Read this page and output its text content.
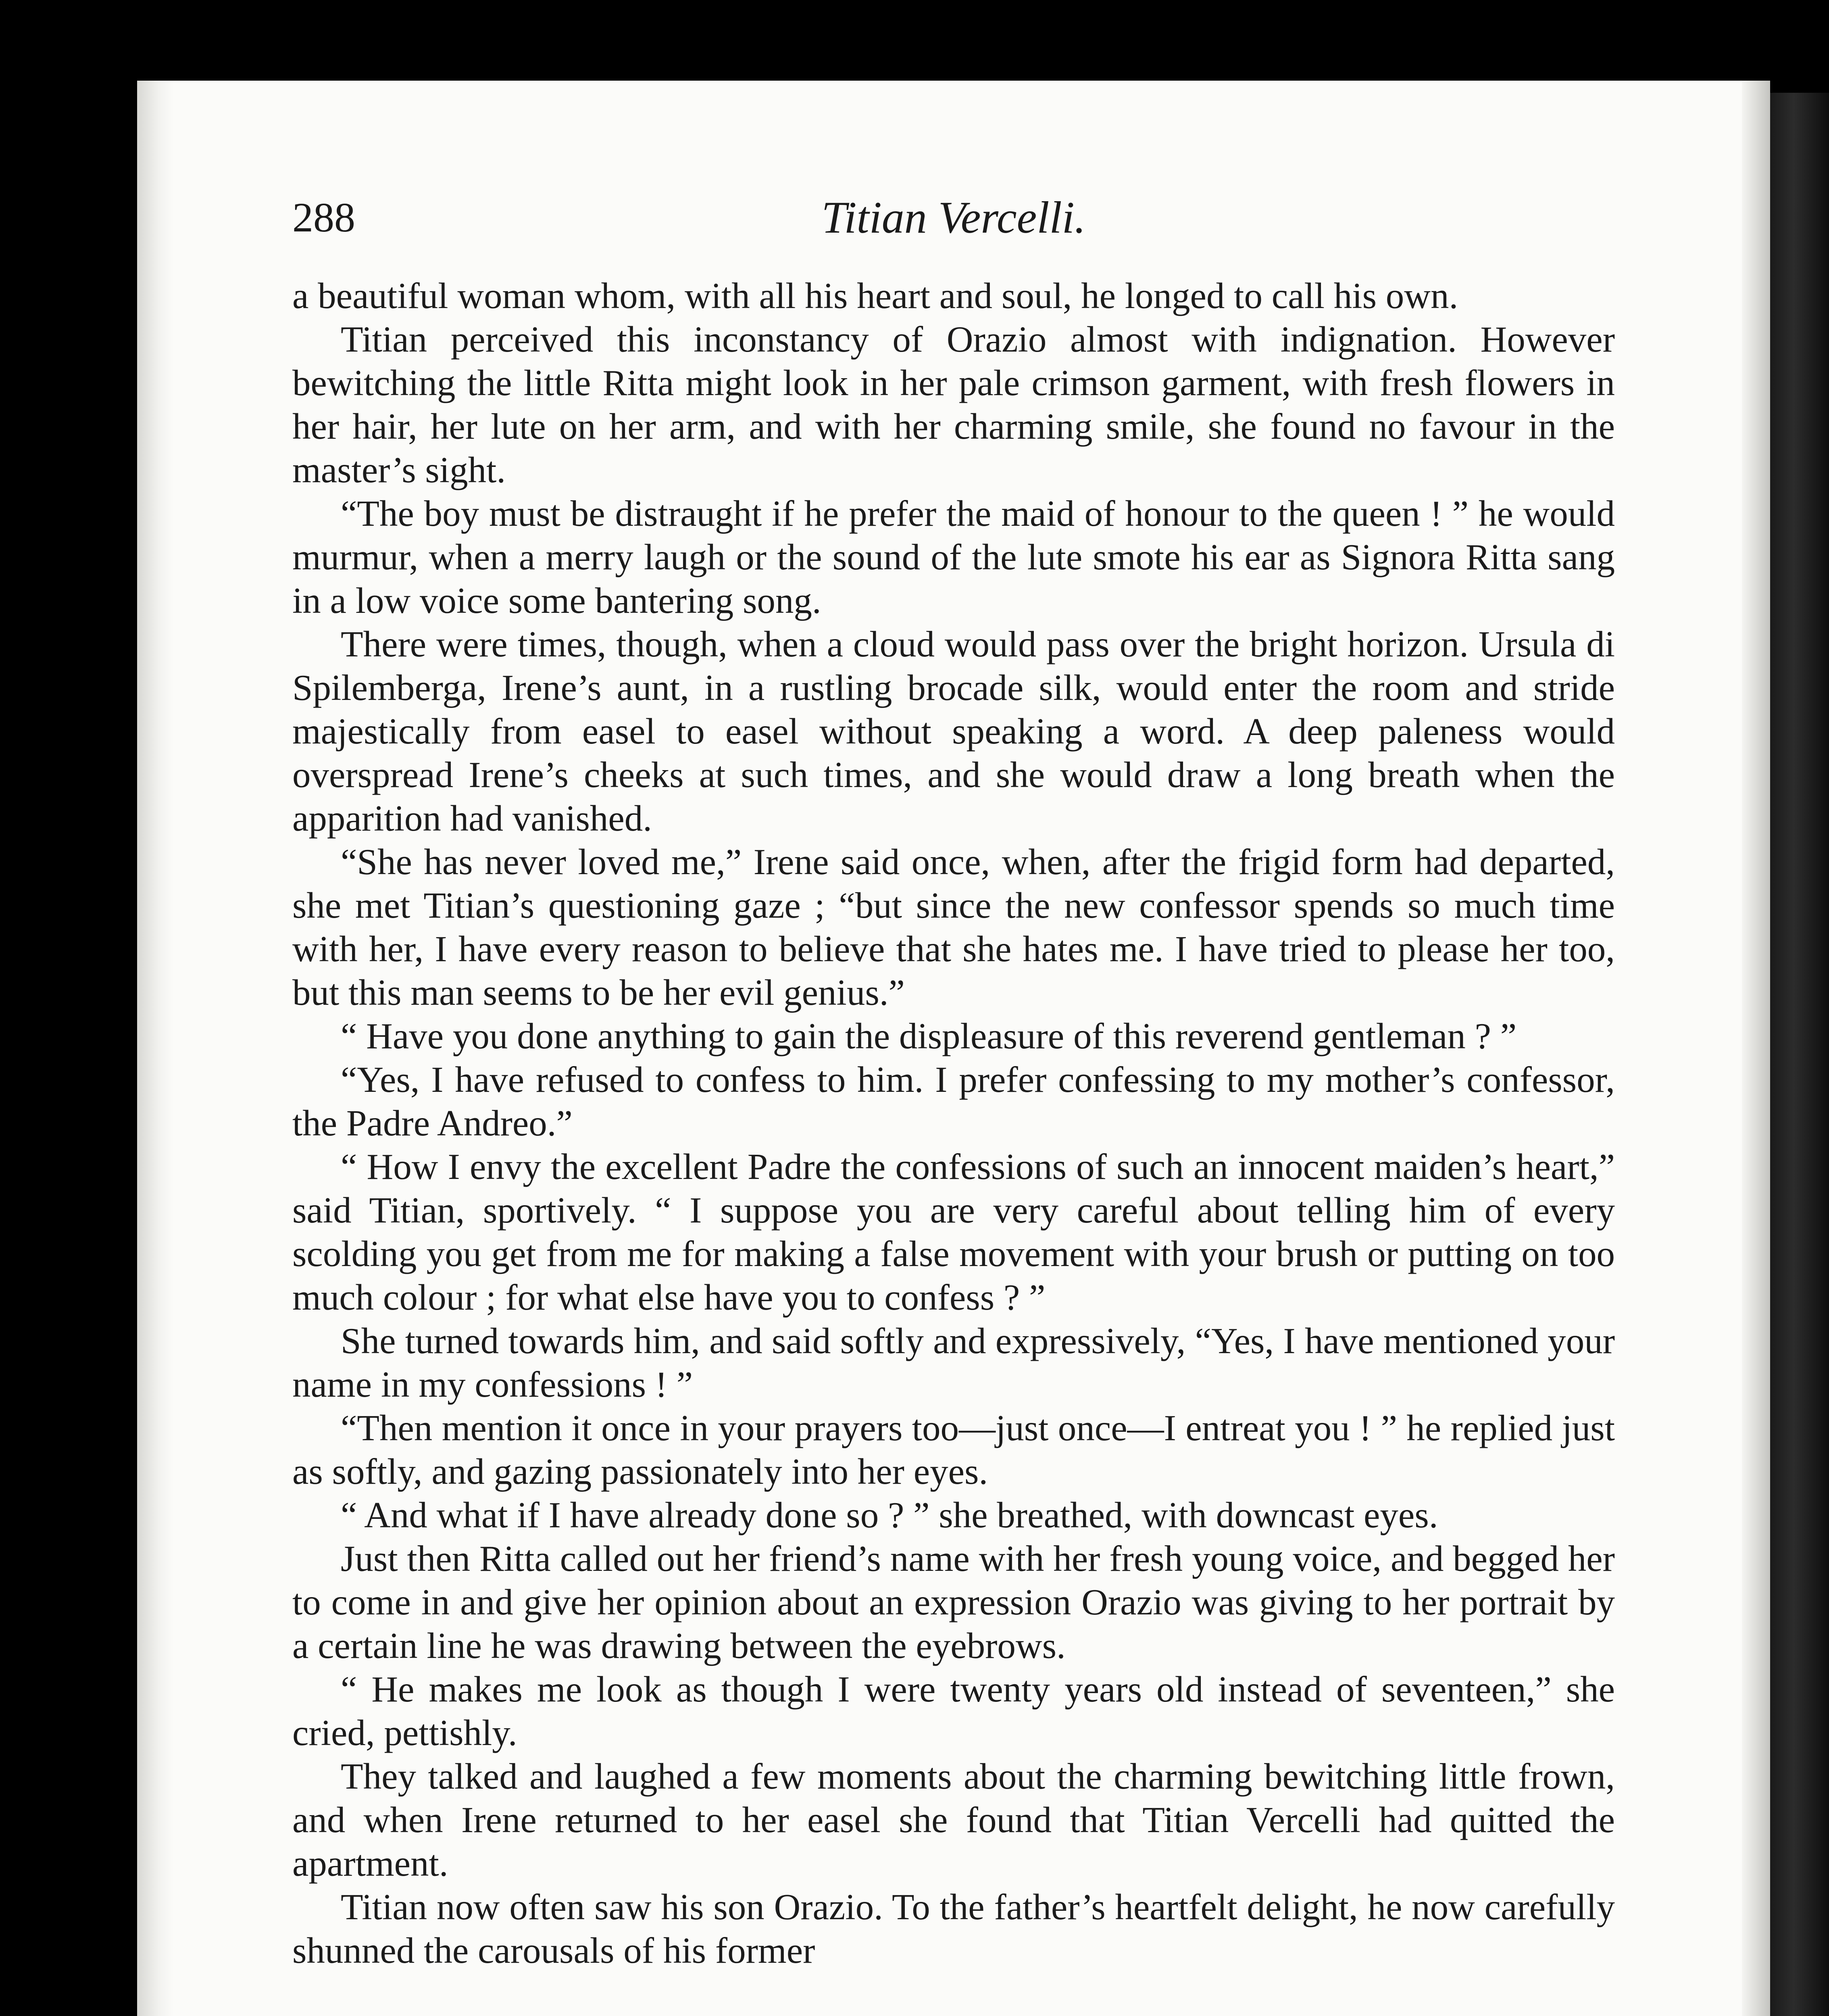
288	Titian Vercelli.

a beautiful woman whom, with all his heart and soul, he longed to call his own.

Titian perceived this inconstancy of Orazio almost with indignation. However bewitching the little Ritta might look in her pale crimson garment, with fresh flowers in her hair, her lute on her arm, and with her charming smile, she found no favour in the master’s sight.

“The boy must be distraught if he prefer the maid of honour to the queen ! ” he would murmur, when a merry laugh or the sound of the lute smote his ear as Signora Ritta sang in a low voice some bantering song.

There were times, though, when a cloud would pass over the bright horizon. Ursula di Spilemberga, Irene’s aunt, in a rustling brocade silk, would enter the room and stride majestically from easel to easel without speaking a word. A deep paleness would overspread Irene’s cheeks at such times, and she would draw a long breath when the apparition had vanished.

“She has never loved me,” Irene said once, when, after the frigid form had departed, she met Titian’s questioning gaze ; “but since the new confessor spends so much time with her, I have every reason to believe that she hates me. I have tried to please her too, but this man seems to be her evil genius.”

“ Have you done anything to gain the displeasure of this reverend gentleman ? ”

“Yes, I have refused to confess to him. I prefer confessing to my mother’s confessor, the Padre Andreo.”

“ How I envy the excellent Padre the confessions of such an innocent maiden’s heart,” said Titian, sportively. “ I suppose you are very careful about telling him of every scolding you get from me for making a false movement with your brush or putting on too much colour ; for what else have you to confess ? ”

She turned towards him, and said softly and expressively, “Yes, I have mentioned your name in my confessions ! ”

“Then mention it once in your prayers too—just once—I entreat you ! ” he replied just as softly, and gazing passionately into her eyes.

“ And what if I have already done so ? ” she breathed, with downcast eyes.

Just then Ritta called out her friend’s name with her fresh young voice, and begged her to come in and give her opinion about an expression Orazio was giving to her portrait by a certain line he was drawing between the eyebrows.

“ He makes me look as though I were twenty years old instead of seventeen,” she cried, pettishly.

They talked and laughed a few moments about the charming bewitching little frown, and when Irene returned to her easel she found that Titian Vercelli had quitted the apartment.

Titian now often saw his son Orazio. To the father’s heartfelt delight, he now carefully shunned the carousals of his former
